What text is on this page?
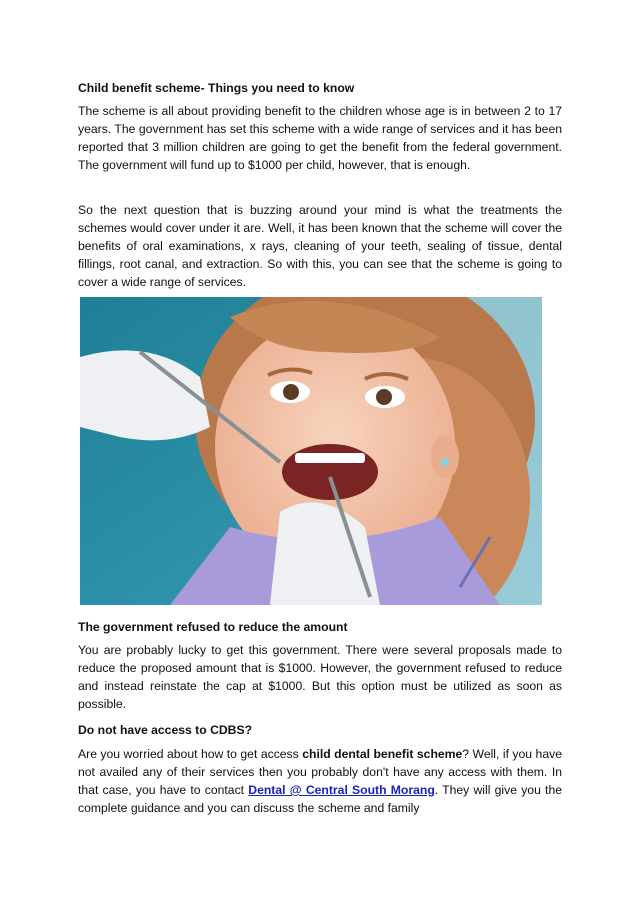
Child benefit scheme- Things you need to know

The scheme is all about providing benefit to the children whose age is in between 2 to 17 years. The government has set this scheme with a wide range of services and it has been reported that 3 million children are going to get the benefit from the federal government. The government will fund up to $1000 per child, however, that is enough.

So the next question that is buzzing around your mind is what the treatments the schemes would cover under it are. Well, it has been known that the scheme will cover the benefits of oral examinations, x rays, cleaning of your teeth, sealing of tissue, dental fillings, root canal, and extraction. So with this, you can see that the scheme is going to cover a wide range of services.

The government refused to reduce the amount

You are probably lucky to get this government. There were several proposals made to reduce the proposed amount that is $1000. However, the government refused to reduce and instead reinstate the cap at $1000. But this option must be utilized as soon as possible.

Do not have access to CDBS?

Are you worried about how to get access child dental benefit scheme? Well, if you have not availed any of their services then you probably don't have any access with them. In that case, you have to contact Dental @ Central South Morang. They will give you the complete guidance and you can discuss the scheme and family
